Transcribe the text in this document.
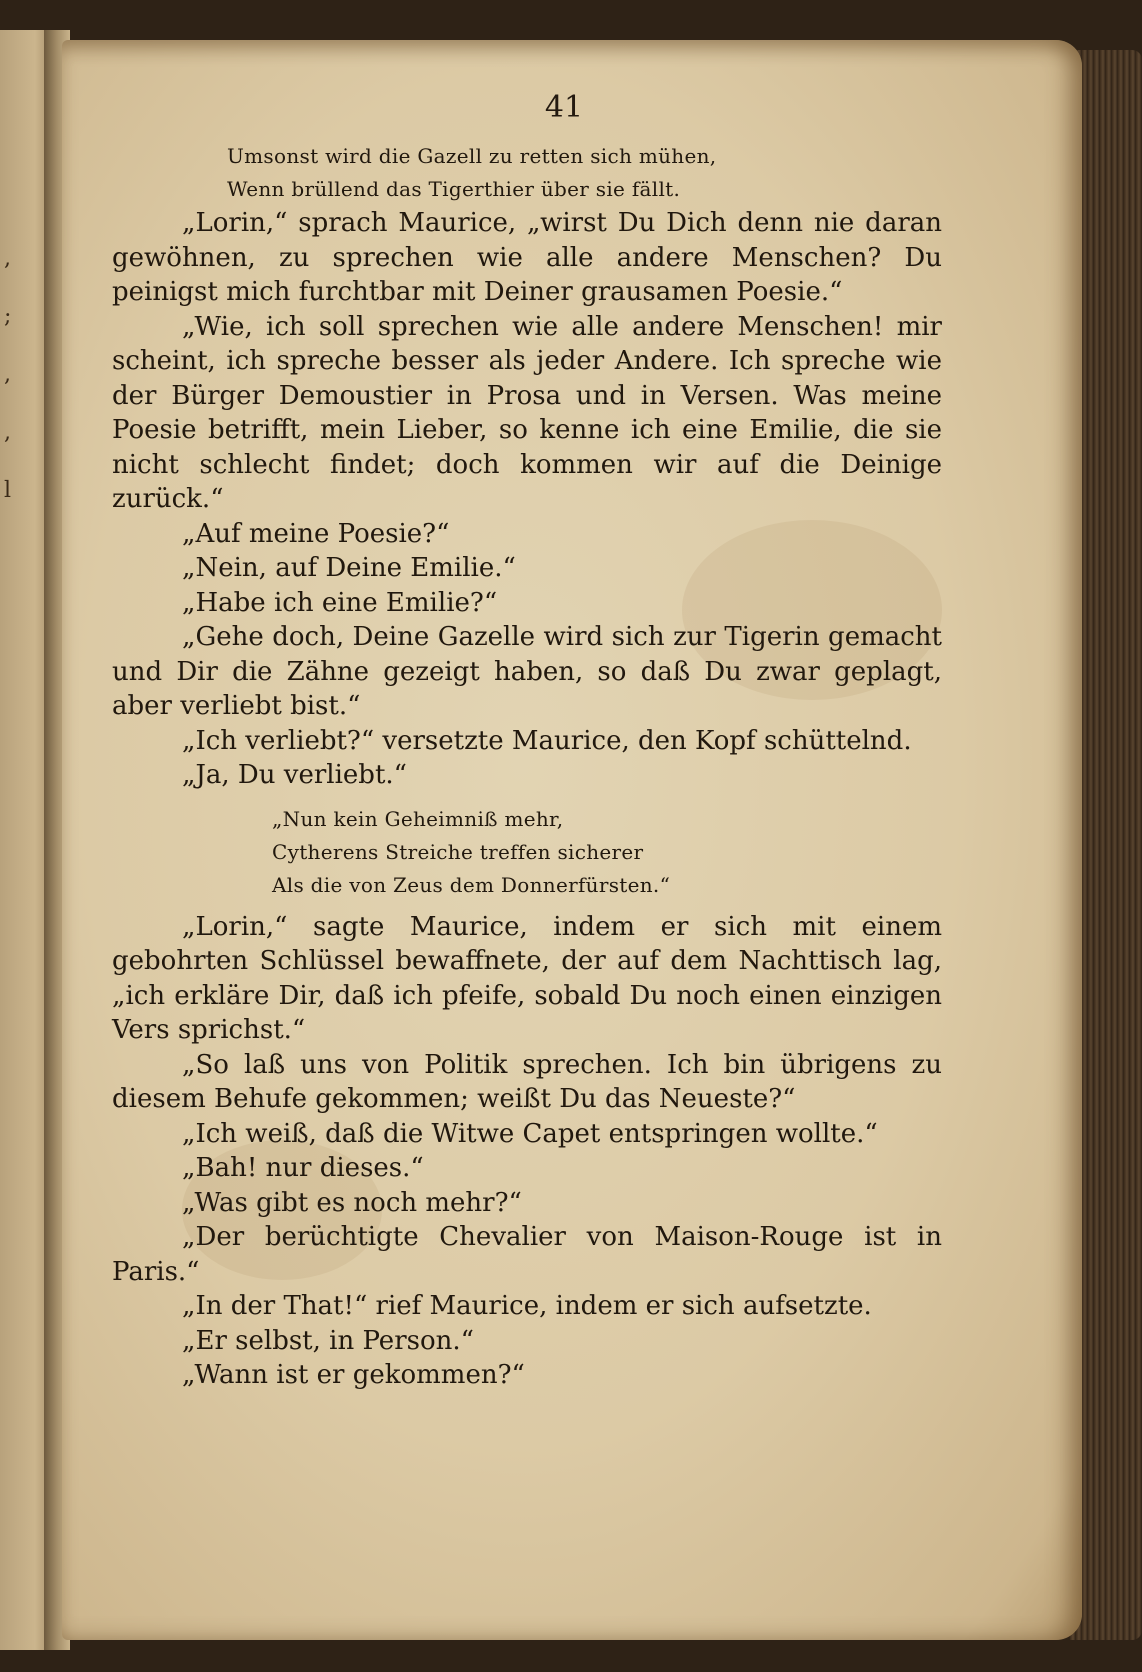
,
;
,
,
l
41
Umsonst wird die Gazell zu retten sich mühen,
Wenn brüllend das Tigerthier über sie fällt.

„Lorin,“ sprach Maurice, „wirst Du Dich denn nie daran gewöhnen, zu sprechen wie alle andere Menschen? Du peinigst mich furchtbar mit Deiner grausamen Poesie.“

„Wie, ich soll sprechen wie alle andere Menschen! mir scheint, ich spreche besser als jeder Andere. Ich spreche wie der Bürger Demoustier in Prosa und in Versen. Was meine Poesie betrifft, mein Lieber, so kenne ich eine Emilie, die sie nicht schlecht findet; doch kommen wir auf die Deinige zurück.“

„Auf meine Poesie?“

„Nein, auf Deine Emilie.“

„Habe ich eine Emilie?“

„Gehe doch, Deine Gazelle wird sich zur Tigerin gemacht und Dir die Zähne gezeigt haben, so daß Du zwar geplagt, aber verliebt bist.“

„Ich verliebt?“ versetzte Maurice, den Kopf schüttelnd.

„Ja, Du verliebt.“

„Nun kein Geheimniß mehr,
Cytherens Streiche treffen sicherer
Als die von Zeus dem Donnerfürsten.“

„Lorin,“ sagte Maurice, indem er sich mit einem gebohrten Schlüssel bewaffnete, der auf dem Nachttisch lag, „ich erkläre Dir, daß ich pfeife, sobald Du noch einen einzigen Vers sprichst.“

„So laß uns von Politik sprechen. Ich bin übrigens zu diesem Behufe gekommen; weißt Du das Neueste?“

„Ich weiß, daß die Witwe Capet entspringen wollte.“

„Bah! nur dieses.“

„Was gibt es noch mehr?“

„Der berüchtigte Chevalier von Maison-Rouge ist in Paris.“

„In der That!“ rief Maurice, indem er sich aufsetzte.

„Er selbst, in Person.“

„Wann ist er gekommen?“
